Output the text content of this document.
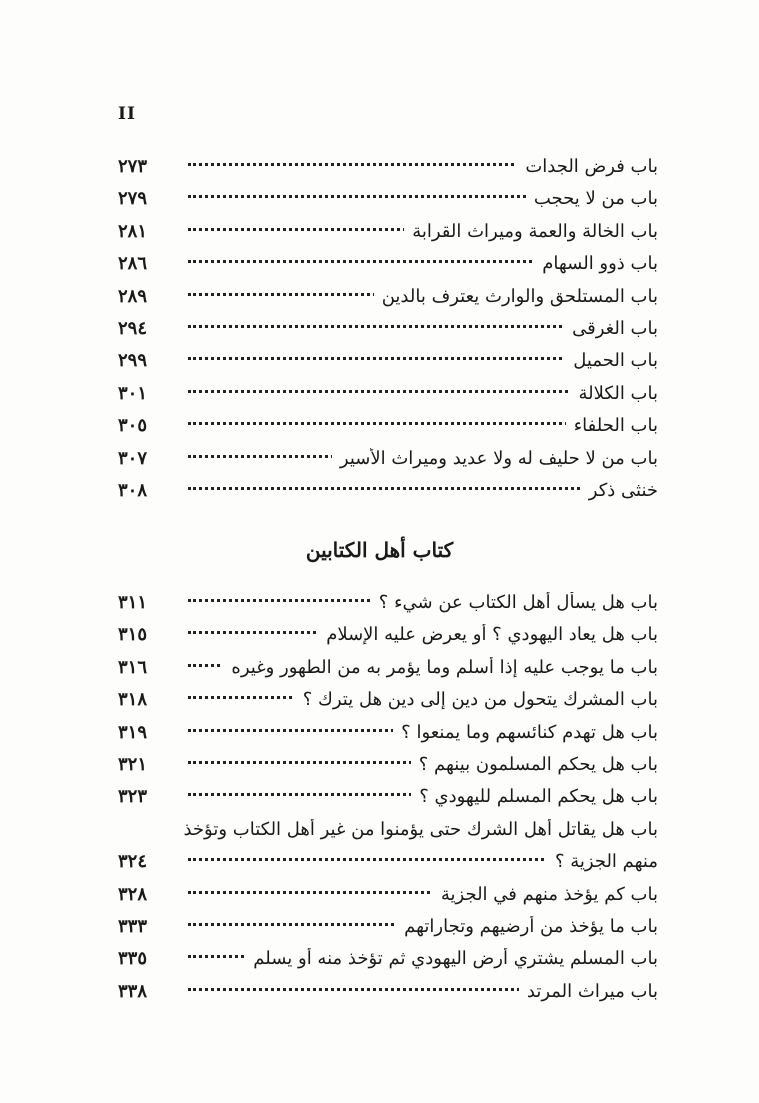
II
٢٧٣	باب فرض الجدات
٢٧٩	باب من لا يحجب
٢٨١	باب الخالة والعمة وميراث القرابة
٢٨٦	باب ذوو السهام
٢٨٩	باب المستلحق والوارث يعترف بالدين
٢٩٤	باب الغرقى
٢٩٩	باب الحميل
٣٠١	باب الكلالة
٣٠٥	باب الحلفاء
٣٠٧	باب من لا حليف له ولا عديد وميراث الأسير
٣٠٨	خنثى ذكر
كتاب أهل الكتابين
٣١١	باب هل يسأل أهل الكتاب عن شيء ؟
٣١٥	باب هل يعاد اليهودي ؟ أو يعرض عليه الإسلام
٣١٦	باب ما يوجب عليه إذا أسلم وما يؤمر به من الطهور وغيره
٣١٨	باب المشرك يتحول من دين إلى دين هل يترك ؟
٣١٩	باب هل تهدم كنائسهم وما يمنعوا ؟
٣٢١	باب هل يحكم المسلمون بينهم ؟
٣٢٣	باب هل يحكم المسلم لليهودي ؟
باب هل يقاتل أهل الشرك حتى يؤمنوا من غير أهل الكتاب وتؤخذ
٣٢٤	منهم الجزية ؟
٣٢٨	باب كم يؤخذ منهم في الجزية
٣٣٣	باب ما يؤخذ من أرضيهم وتجاراتهم
٣٣٥	باب المسلم يشتري أرض اليهودي ثم تؤخذ منه أو يسلم
٣٣٨	باب ميراث المرتد
